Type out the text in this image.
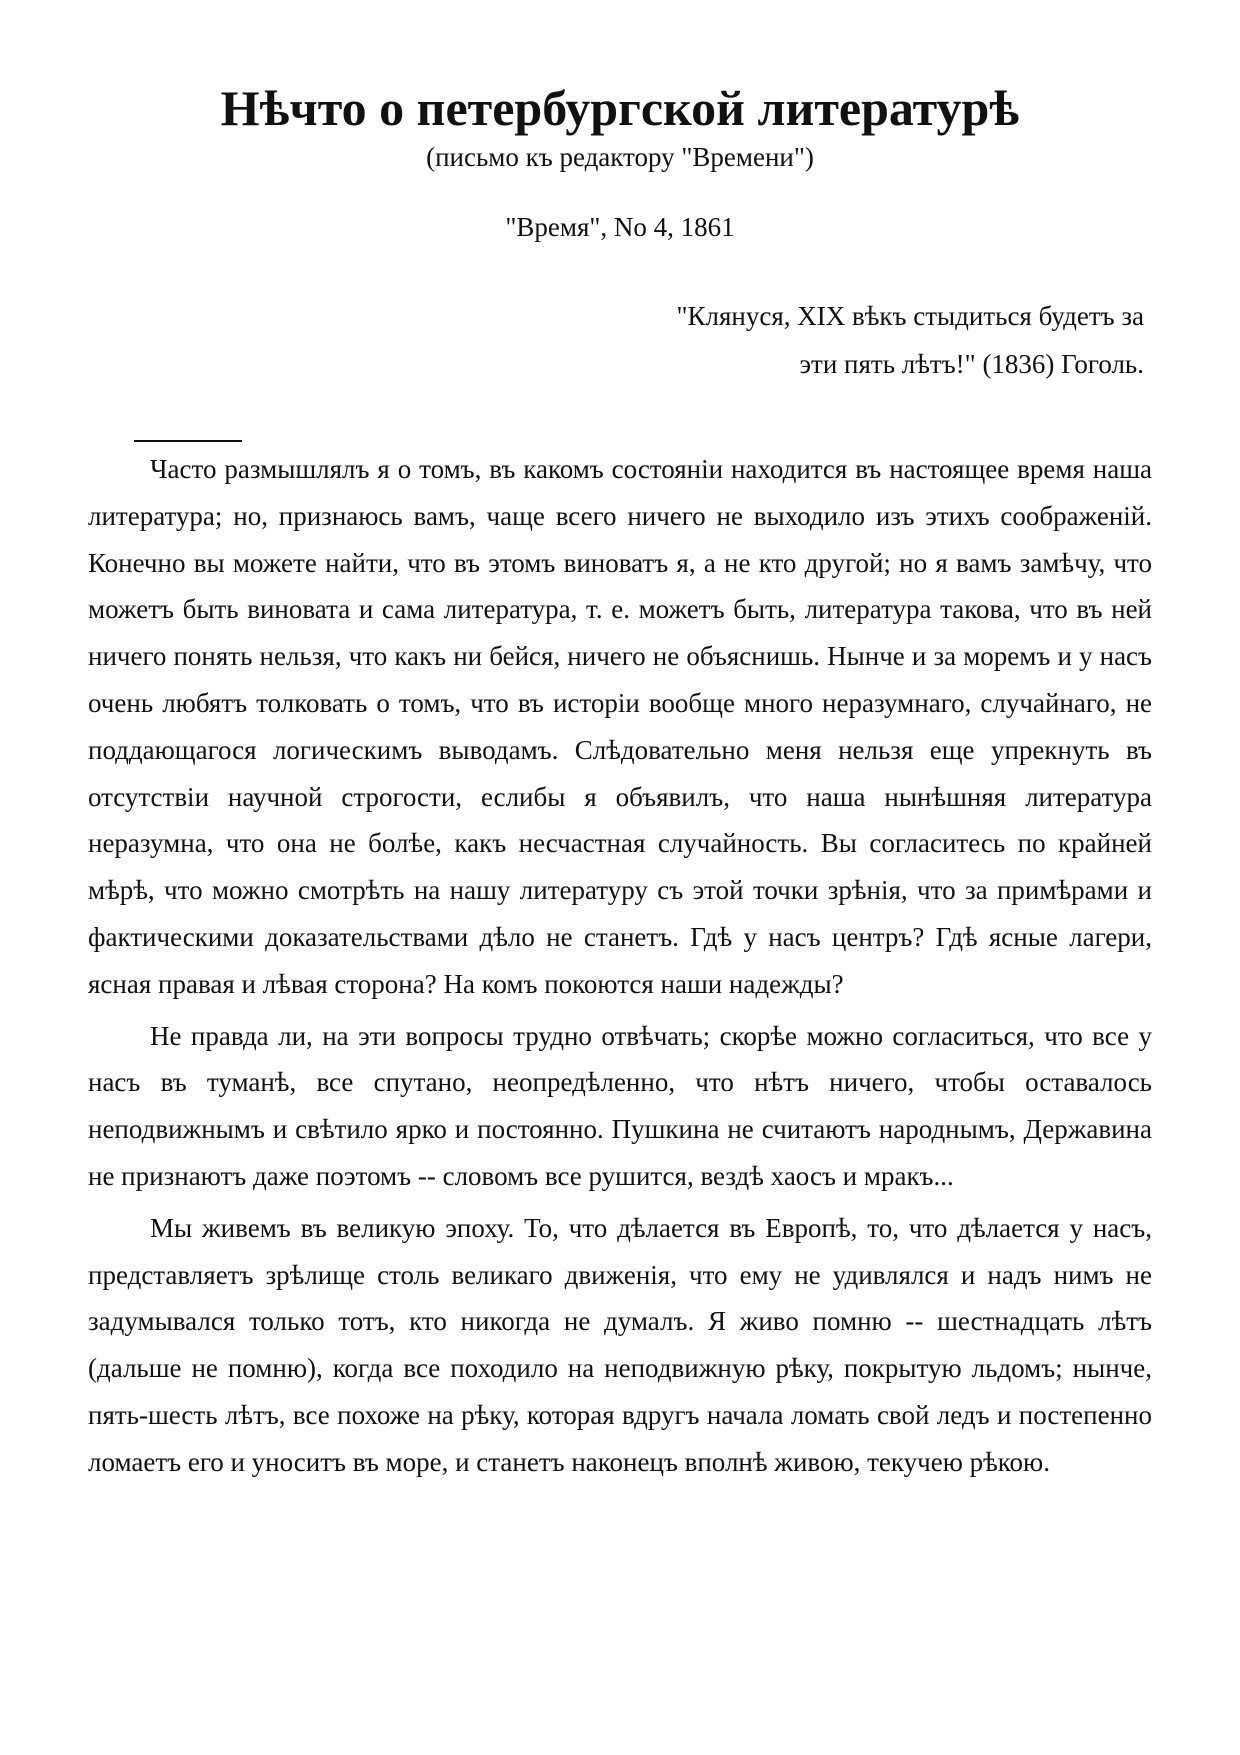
Нѣчто о петербургской литературѣ
(письмо къ редактору "Времени")
"Время", No 4, 1861
"Клянуся, XIX вѣкъ стыдиться будетъ за
эти пять лѣтъ!" (1836) Гоголь.

Часто размышлялъ я о томъ, въ какомъ состояніи находится въ настоящее время наша литература; но, признаюсь вамъ, чаще всего ничего не выходило изъ этихъ соображеній. Конечно вы можете найти, что въ этомъ виноватъ я, а не кто другой; но я вамъ замѣчу, что можетъ быть виновата и сама литература, т. е. можетъ быть, литература такова, что въ ней ничего понять нельзя, что какъ ни бейся, ничего не объяснишь. Нынче и за моремъ и у насъ очень любятъ толковать о томъ, что въ исторіи вообще много неразумнаго, случайнаго, не поддающагося логическимъ выводамъ. Слѣдовательно меня нельзя еще упрекнуть въ отсутствіи научной строгости, еслибы я объявилъ, что наша нынѣшняя литература неразумна, что она не болѣе, какъ несчастная случайность. Вы согласитесь по крайней мѣрѣ, что можно смотрѣть на нашу литературу съ этой точки зрѣнія, что за примѣрами и фактическими доказательствами дѣло не станетъ. Гдѣ у насъ центръ? Гдѣ ясные лагери, ясная правая и лѣвая сторона? На комъ покоются наши надежды?

Не правда ли, на эти вопросы трудно отвѣчать; скорѣе можно согласиться, что все у насъ въ туманѣ, все спутано, неопредѣленно, что нѣтъ ничего, чтобы оставалось неподвижнымъ и свѣтило ярко и постоянно. Пушкина не считаютъ народнымъ, Державина не признаютъ даже поэтомъ -- словомъ все рушится, вездѣ хаосъ и мракъ...

Мы живемъ въ великую эпоху. То, что дѣлается въ Европѣ, то, что дѣлается у насъ, представляетъ зрѣлище столь великаго движенія, что ему не удивлялся и надъ нимъ не задумывался только тотъ, кто никогда не думалъ. Я живо помню -- шестнадцать лѣтъ (дальше не помню), когда все походило на неподвижную рѣку, покрытую льдомъ; нынче, пять-шесть лѣтъ, все похоже на рѣку, которая вдругъ начала ломать свой ледъ и постепенно ломаетъ его и уноситъ въ море, и станетъ наконецъ вполнѣ живою, текучею рѣкою.
